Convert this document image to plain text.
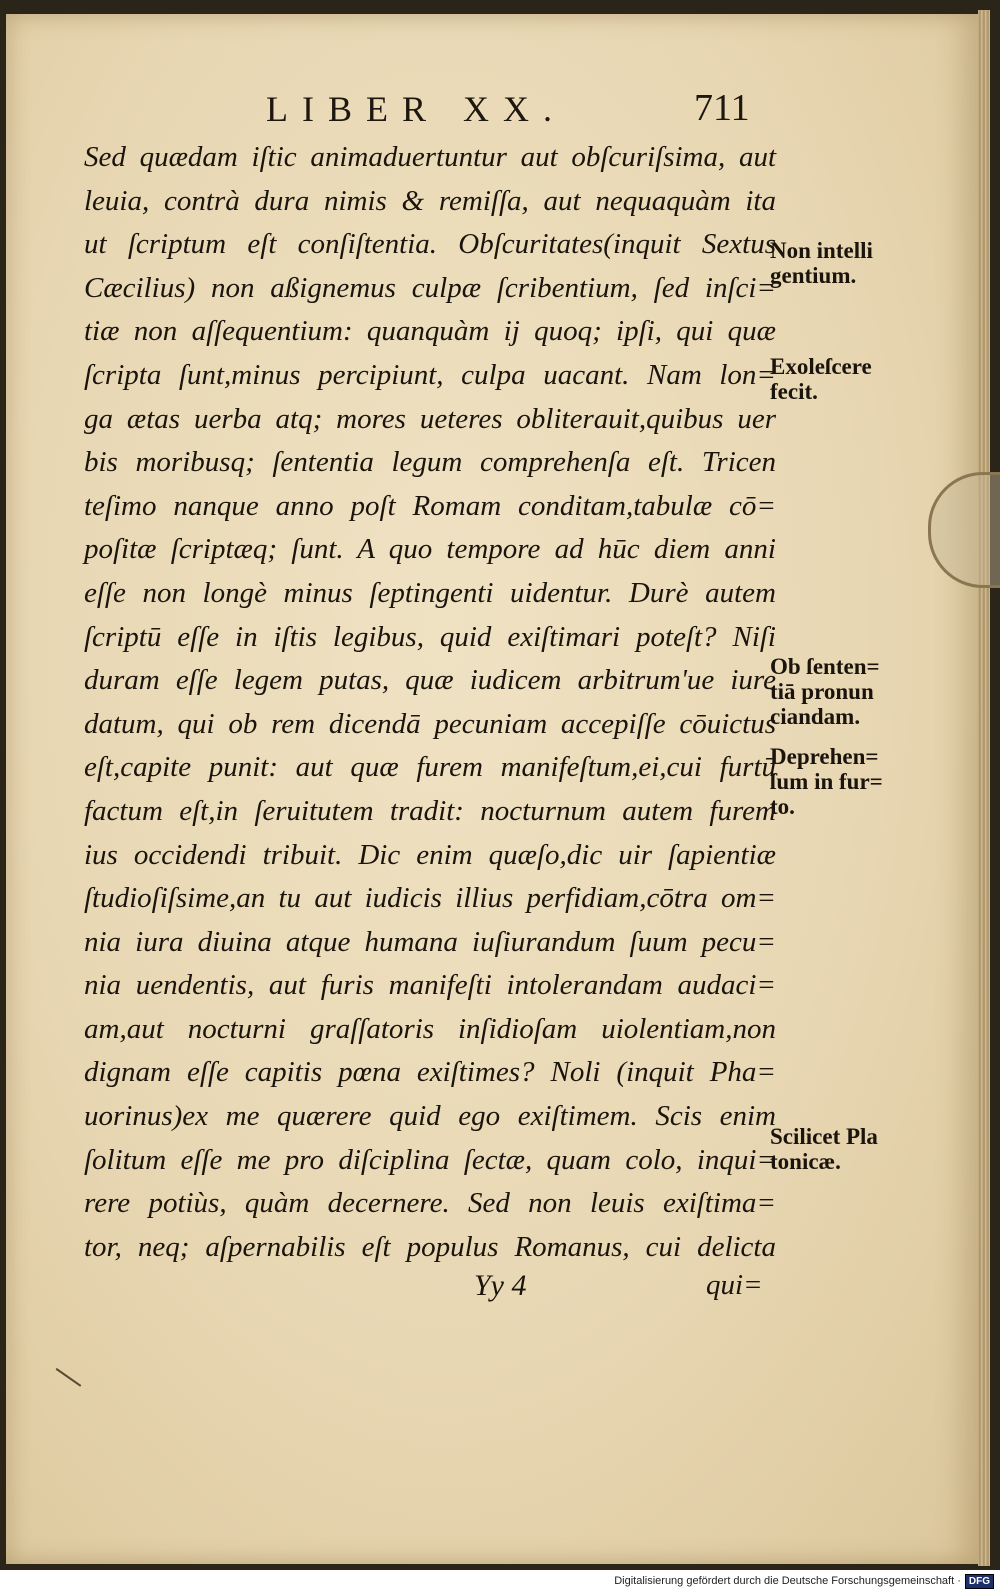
LIBER XX.	711
Sed quædam iſtic animaduertuntur aut obſcuriſsima, aut
leuia, contrà dura nimis & remiſſa, aut nequaquàm ita
ut ſcriptum eſt conſiſtentia. Obſcuritates(inquit Sextus
Cæcilius) non aßignemus culpæ ſcribentium, ſed inſci=
tiæ non aſſequentium: quanquàm ij quoq; ipſi, qui quæ
ſcripta ſunt,minus percipiunt, culpa uacant. Nam lon=
ga ætas uerba atq; mores ueteres obliterauit,quibus uer
bis moribusq; ſententia legum comprehenſa eſt. Tricen
teſimo nanque anno poſt Romam conditam,tabulæ cō=
poſitæ ſcriptæq; ſunt. A quo tempore ad hūc diem anni
eſſe non longè minus ſeptingenti uidentur. Durè autem
ſcriptū eſſe in iſtis legibus, quid exiſtimari poteſt? Niſi
duram eſſe legem putas, quæ iudicem arbitrum'ue iure
datum, qui ob rem dicendā pecuniam accepiſſe cōuictus
eſt,capite punit: aut quæ furem manifeſtum,ei,cui furtū
factum eſt,in ſeruitutem tradit: nocturnum autem furem
ius occidendi tribuit. Dic enim quæſo,dic uir ſapientiæ
ſtudioſiſsime,an tu aut iudicis illius perfidiam,cōtra om=
nia iura diuina atque humana iuſiurandum ſuum pecu=
nia uendentis, aut furis manifeſti intolerandam audaci=
am,aut nocturni graſſatoris inſidioſam uiolentiam,non
dignam eſſe capitis pœna exiſtimes? Noli (inquit Pha=
uorinus)ex me quærere quid ego exiſtimem. Scis enim
ſolitum eſſe me pro diſciplina ſectæ, quam colo, inqui=
rere potiùs, quàm decernere. Sed non leuis exiſtima=
tor, neq; aſpernabilis eſt populus Romanus, cui delicta
Non intelli
gentium.
Exoleſcere
fecit.
Ob ſenten=
tiā pronun
ciandam.
Deprehen=
ſum in fur=
to.
Scilicet Pla
tonicæ.
Yy 4	qui=
Digitalisierung gefördert durch die Deutsche Forschungsgemeinschaft · DFG
